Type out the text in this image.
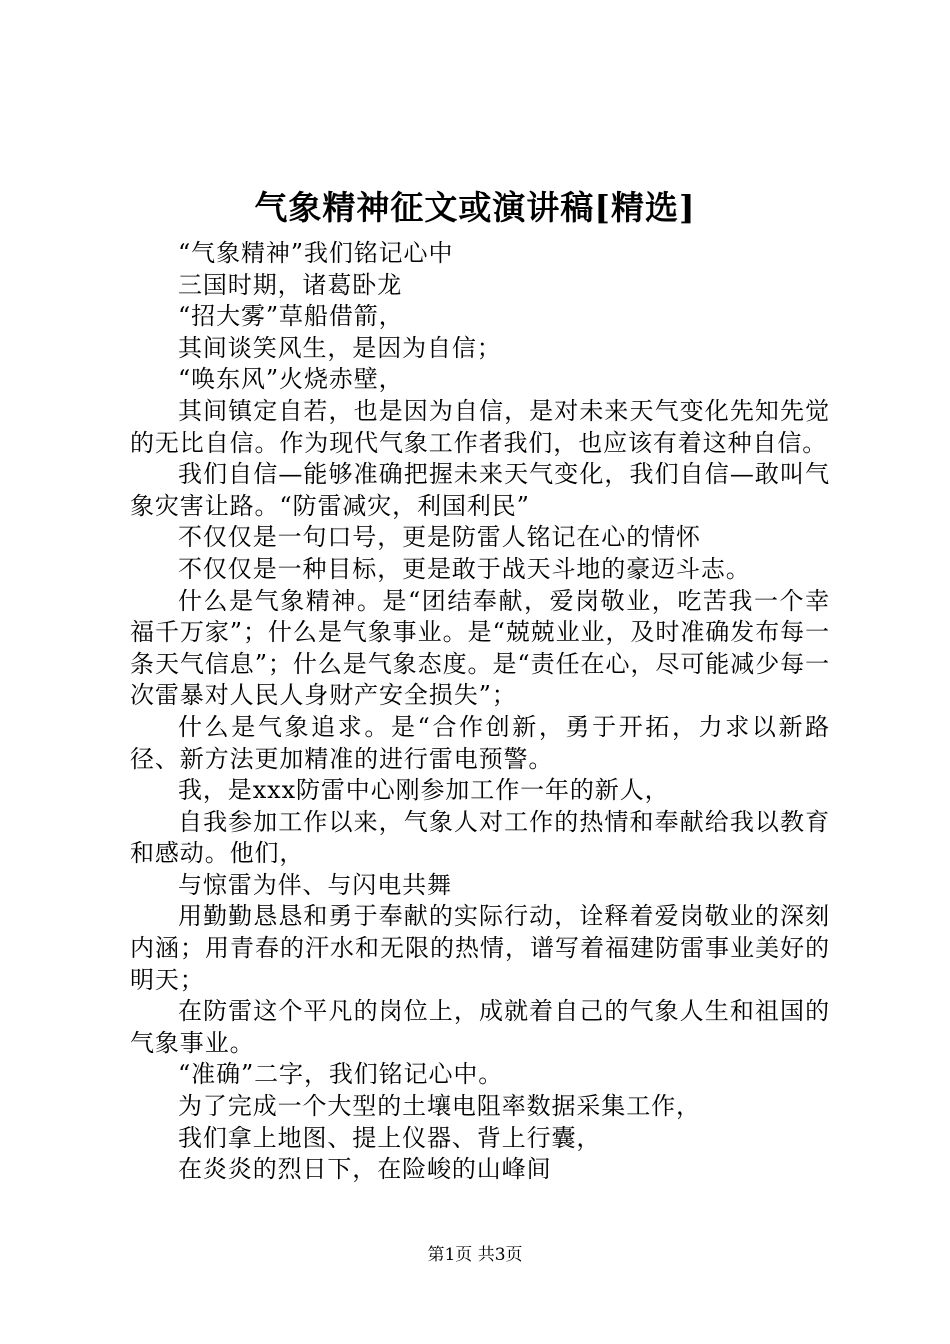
气象精神征文或演讲稿[精选]

“气象精神”我们铭记心中

三国时期，诸葛卧龙

“招大雾”草船借箭，

其间谈笑风生，是因为自信；

“唤东风”火烧赤壁，

其间镇定自若，也是因为自信，是对未来天气变化先知先觉的无比自信。作为现代气象工作者我们，也应该有着这种自信。

我们自信—能够准确把握未来天气变化，我们自信—敢叫气象灾害让路。“防雷减灾，利国利民”

不仅仅是一句口号，更是防雷人铭记在心的情怀

不仅仅是一种目标，更是敢于战天斗地的豪迈斗志。

什么是气象精神。是“团结奉献，爱岗敬业，吃苦我一个幸福千万家”；什么是气象事业。是“兢兢业业，及时准确发布每一条天气信息”；什么是气象态度。是“责任在心，尽可能减少每一次雷暴对人民人身财产安全损失”；

什么是气象追求。是“合作创新，勇于开拓，力求以新路径、新方法更加精准的进行雷电预警。

我，是xxx防雷中心刚参加工作一年的新人，

自我参加工作以来，气象人对工作的热情和奉献给我以教育和感动。他们，

与惊雷为伴、与闪电共舞

用勤勤恳恳和勇于奉献的实际行动，诠释着爱岗敬业的深刻内涵；用青春的汗水和无限的热情，谱写着福建防雷事业美好的明天；

在防雷这个平凡的岗位上，成就着自己的气象人生和祖国的气象事业。

“准确”二字，我们铭记心中。

为了完成一个大型的土壤电阻率数据采集工作，

我们拿上地图、提上仪器、背上行囊，

在炎炎的烈日下，在险峻的山峰间

第1页 共3页
